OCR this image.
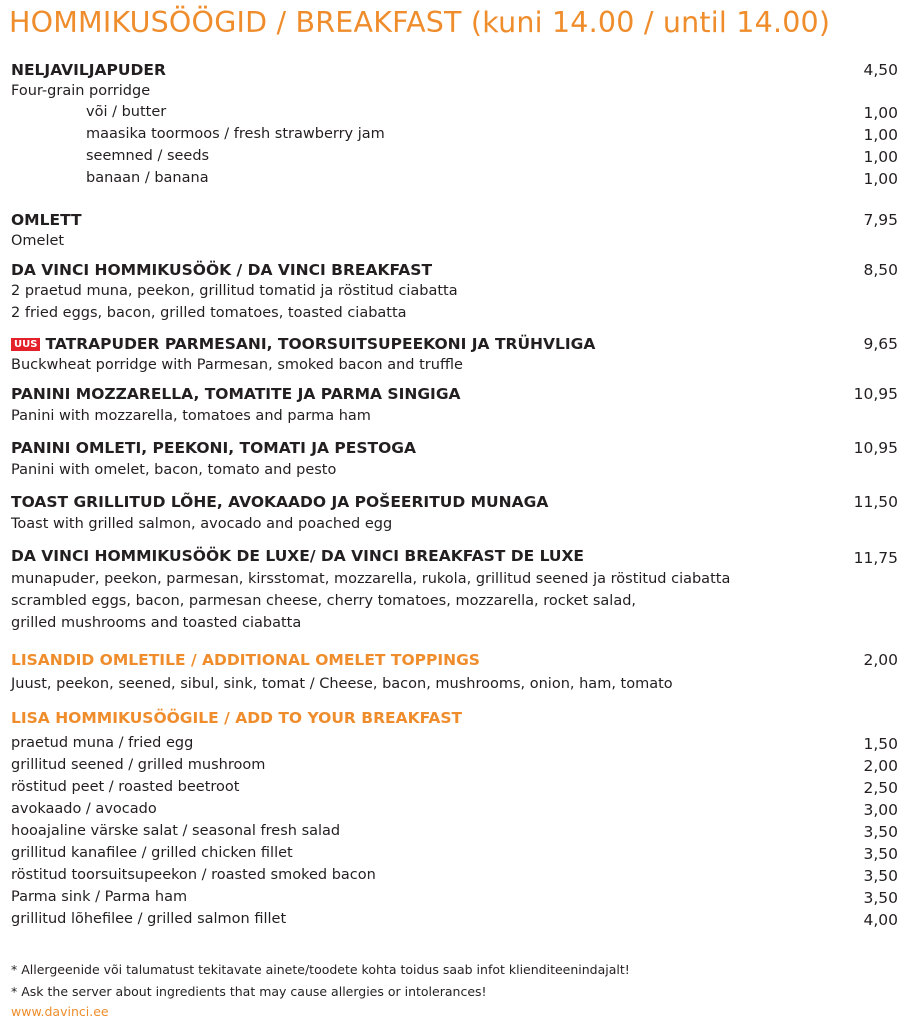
HOMMIKUSÖÖGID / BREAKFAST (kuni 14.00 / until 14.00)
NELJAVILJAPUDER	4,50
Four-grain porridge
või / butter	1,00
maasika toormoos / fresh strawberry jam	1,00
seemned / seeds	1,00
banaan / banana	1,00
OMLETT	7,95
Omelet
DA VINCI HOMMIKUSÖÖK / DA VINCI BREAKFAST	8,50
2 praetud muna, peekon, grillitud tomatid ja röstitud ciabatta
2 fried eggs, bacon, grilled tomatoes, toasted ciabatta
UUS TATRAPUDER PARMESANI, TOORSUITSUPEEKONI JA TRÜHVLIGA	9,65
Buckwheat porridge with Parmesan, smoked bacon and truffle
PANINI MOZZARELLA, TOMATITE JA PARMA SINGIGA	10,95
Panini with mozzarella, tomatoes and parma ham
PANINI OMLETI, PEEKONI, TOMATI JA PESTOGA	10,95
Panini with omelet, bacon, tomato and pesto
TOAST GRILLITUD LÕHE, AVOKAADO JA POŠEERITUD MUNAGA	11,50
Toast with grilled salmon, avocado and poached egg
DA VINCI HOMMIKUSÖÖK DE LUXE/ DA VINCI BREAKFAST DE LUXE	11,75
munapuder, peekon, parmesan, kirsstomat, mozzarella, rukola, grillitud seened ja röstitud ciabatta
scrambled eggs, bacon, parmesan cheese, cherry tomatoes, mozzarella, rocket salad,
grilled mushrooms and toasted ciabatta
LISANDID OMLETILE / ADDITIONAL OMELET TOPPINGS	2,00
Juust, peekon, seened, sibul, sink, tomat / Cheese, bacon, mushrooms, onion, ham, tomato
LISA HOMMIKUSÖÖGILE / ADD TO YOUR BREAKFAST
praetud muna / fried egg	1,50
grillitud seened / grilled mushroom	2,00
röstitud peet / roasted beetroot	2,50
avokaado / avocado	3,00
hooajaline värske salat / seasonal fresh salad	3,50
grillitud kanafilee / grilled chicken fillet	3,50
röstitud toorsuitsupeekon / roasted smoked bacon	3,50
Parma sink / Parma ham	3,50
grillitud lõhefilee / grilled salmon fillet	4,00
* Allergeenide või talumatust tekitavate ainete/toodete kohta toidus saab infot klienditeenindajalt!
* Ask the server about ingredients that may cause allergies or intolerances!
www.davinci.ee
